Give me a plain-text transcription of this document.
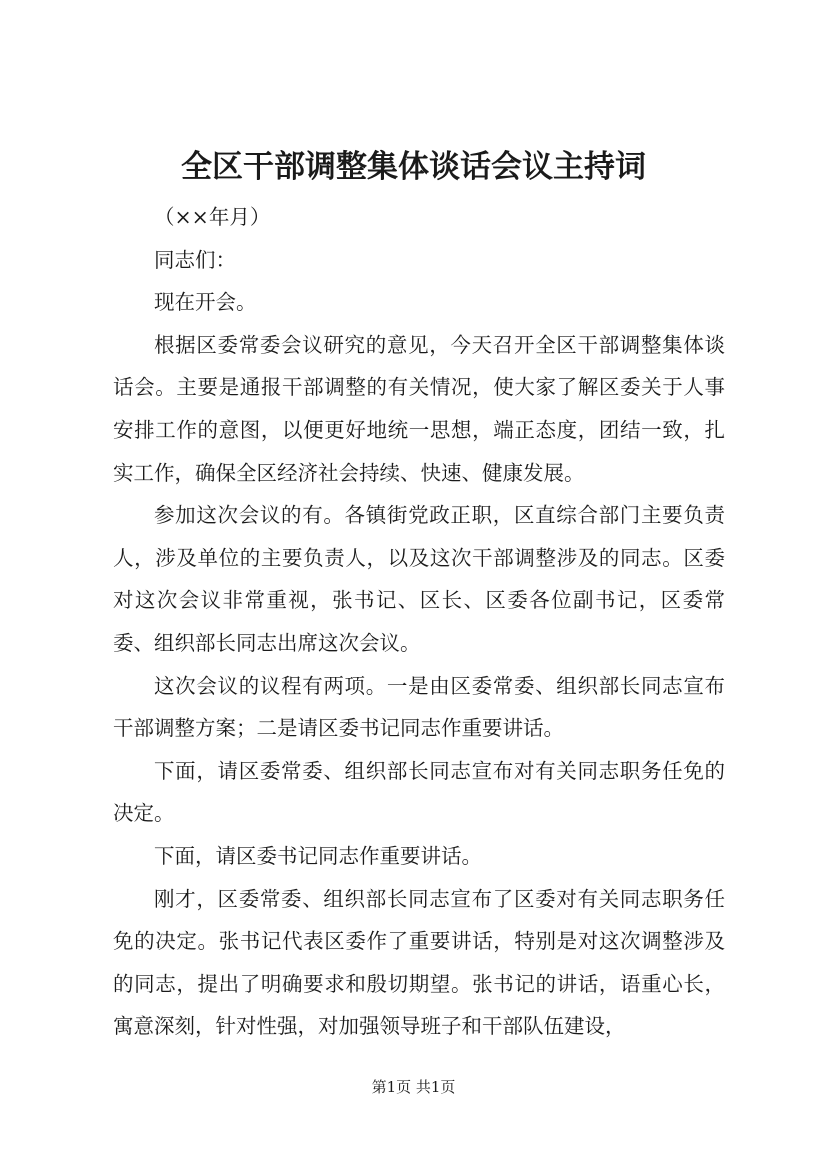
全区干部调整集体谈话会议主持词

（××年月）

同志们：

现在开会。

根据区委常委会议研究的意见，今天召开全区干部调整集体谈话会。主要是通报干部调整的有关情况，使大家了解区委关于人事安排工作的意图，以便更好地统一思想，端正态度，团结一致，扎实工作，确保全区经济社会持续、快速、健康发展。

参加这次会议的有。各镇街党政正职，区直综合部门主要负责人，涉及单位的主要负责人，以及这次干部调整涉及的同志。区委对这次会议非常重视，张书记、区长、区委各位副书记，区委常委、组织部长同志出席这次会议。

这次会议的议程有两项。一是由区委常委、组织部长同志宣布干部调整方案；二是请区委书记同志作重要讲话。

下面，请区委常委、组织部长同志宣布对有关同志职务任免的决定。

下面，请区委书记同志作重要讲话。

刚才，区委常委、组织部长同志宣布了区委对有关同志职务任免的决定。张书记代表区委作了重要讲话，特别是对这次调整涉及的同志，提出了明确要求和殷切期望。张书记的讲话，语重心长，寓意深刻，针对性强，对加强领导班子和干部队伍建设，

第1页 共1页
